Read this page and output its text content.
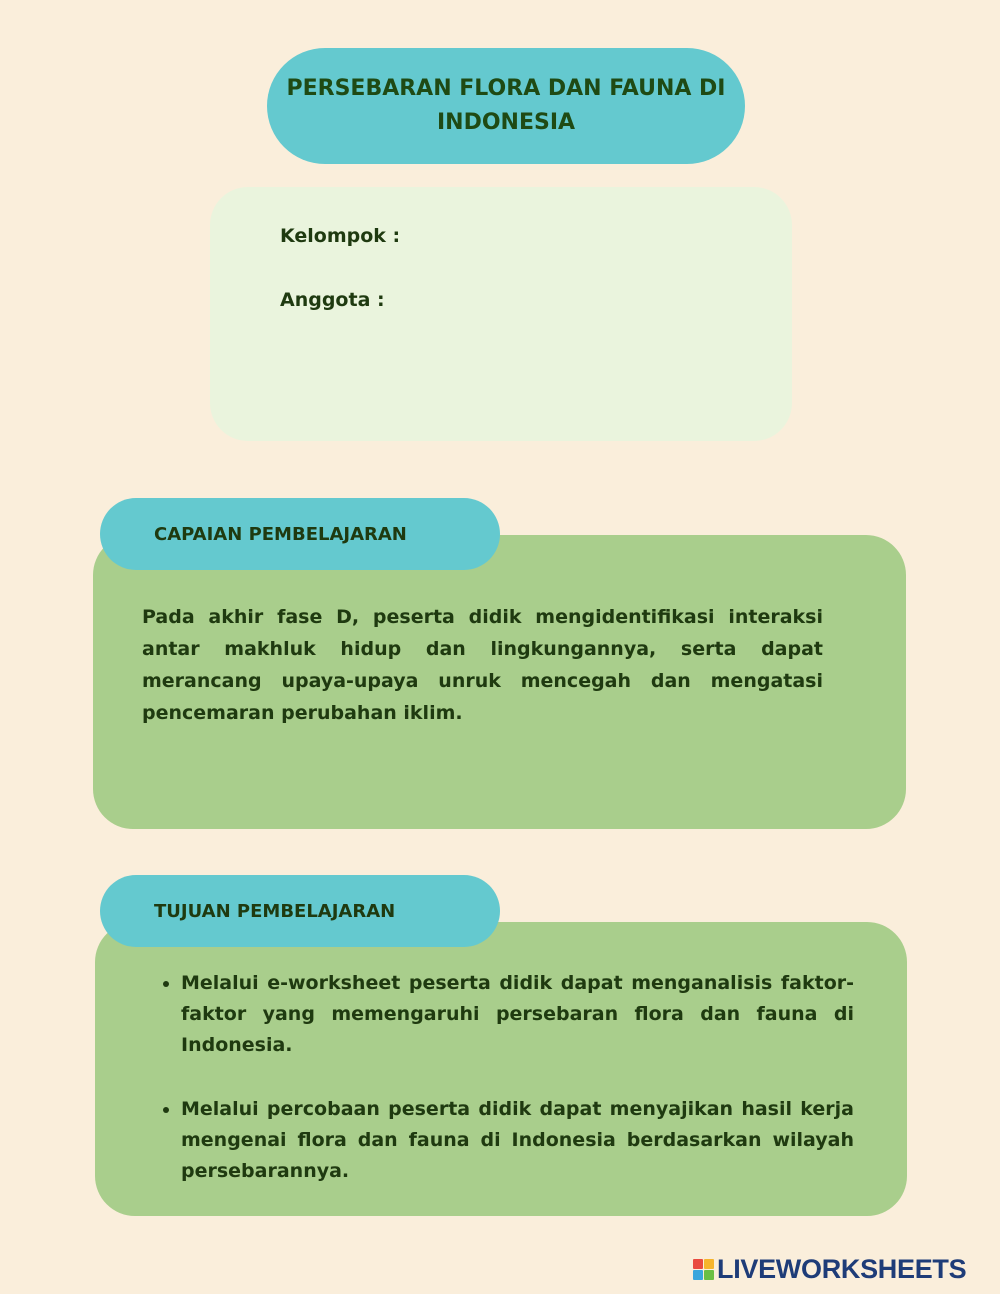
PERSEBARAN FLORA DAN FAUNA DI INDONESIA
Kelompok :
Anggota :
CAPAIAN PEMBELAJARAN
Pada akhir fase D, peserta didik mengidentifikasi interaksi antar makhluk hidup dan lingkungannya, serta dapat merancang upaya-upaya unruk mencegah dan mengatasi pencemaran perubahan iklim.
TUJUAN PEMBELAJARAN
• Melalui e-worksheet peserta didik dapat menganalisis faktor-faktor yang memengaruhi persebaran flora dan fauna di Indonesia.
• Melalui percobaan peserta didik dapat menyajikan hasil kerja mengenai flora dan fauna di Indonesia berdasarkan wilayah persebarannya.
LIVEWORKSHEETS
